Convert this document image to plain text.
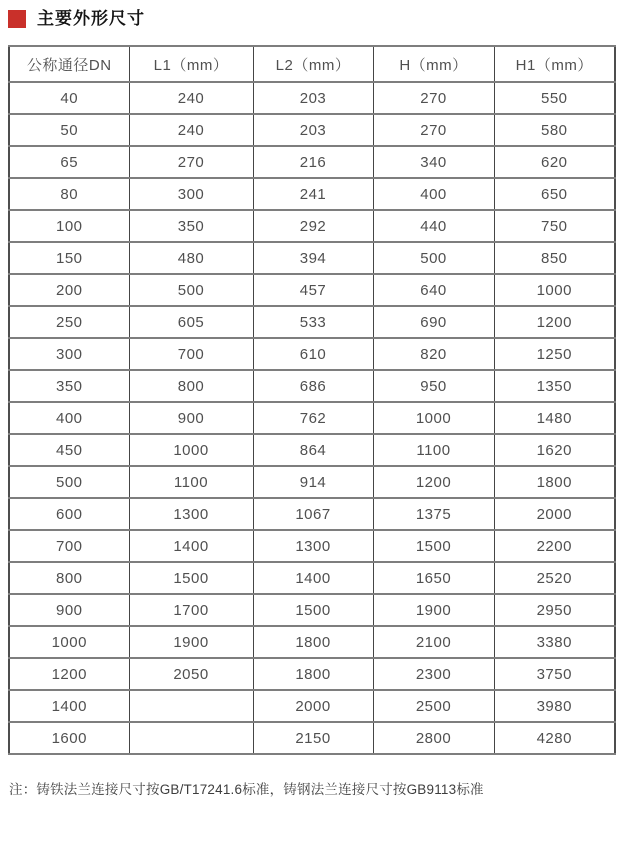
主要外形尺寸
公称通径DN	L1（mm）	L2（mm）	H（mm）	H1（mm）
40	240	203	270	550
50	240	203	270	580
65	270	216	340	620
80	300	241	400	650
100	350	292	440	750
150	480	394	500	850
200	500	457	640	1000
250	605	533	690	1200
300	700	610	820	1250
350	800	686	950	1350
400	900	762	1000	1480
450	1000	864	1100	1620
500	1100	914	1200	1800
600	1300	1067	1375	2000
700	1400	1300	1500	2200
800	1500	1400	1650	2520
900	1700	1500	1900	2950
1000	1900	1800	2100	3380
1200	2050	1800	2300	3750
1400		2000	2500	3980
1600		2150	2800	4280

注：铸铁法兰连接尺寸按GB/T17241.6标准，铸钢法兰连接尺寸按GB9113标准
